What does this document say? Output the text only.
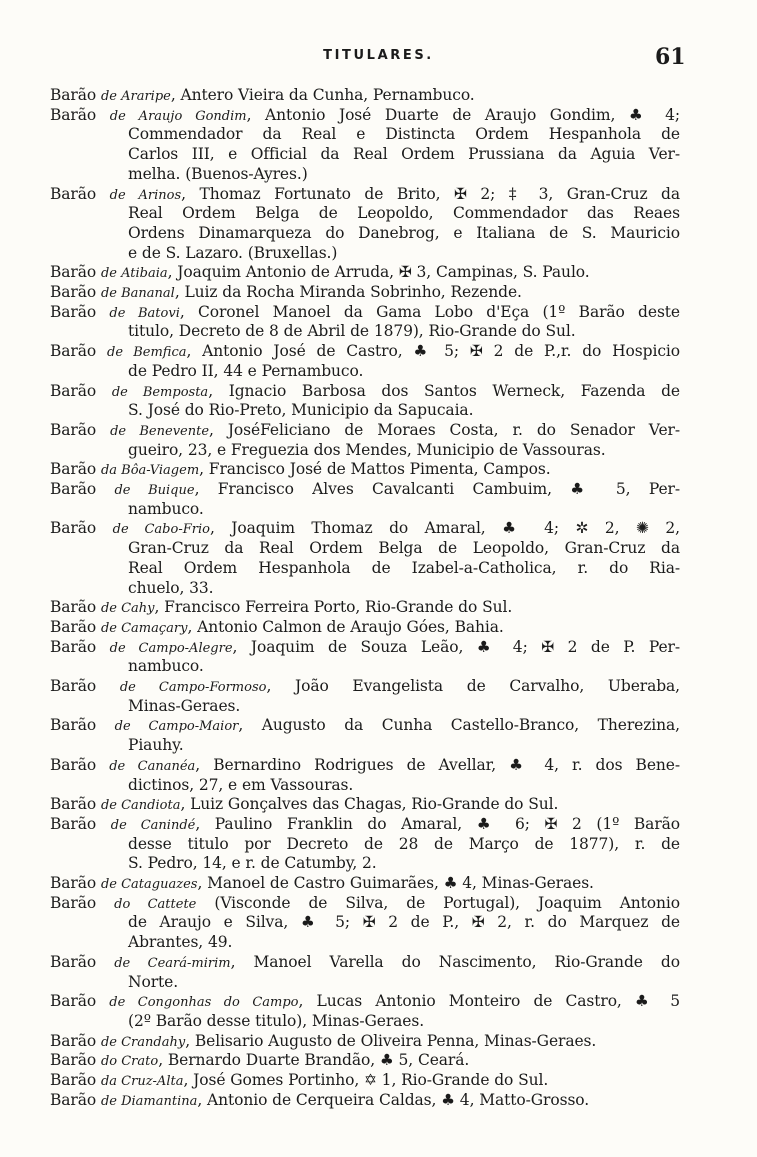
TITULARES.	61
Barão de Araripe, Antero Vieira da Cunha, Pernambuco.
Barão de Araujo Gondim, Antonio José Duarte de Araujo Gondim, ♣ 4;
Commendador da Real e Distincta Ordem Hespanhola de
Carlos III, e Official da Real Ordem Prussiana da Aguia Ver-
melha. (Buenos-Ayres.)
Barão de Arinos, Thomaz Fortunato de Brito, ✠ 2; ‡ 3, Gran-Cruz da
Real Ordem Belga de Leopoldo, Commendador das Reaes
Ordens Dinamarqueza do Danebrog, e Italiana de S. Mauricio
e de S. Lazaro. (Bruxellas.)
Barão de Atibaia, Joaquim Antonio de Arruda, ✠ 3, Campinas, S. Paulo.
Barão de Bananal, Luiz da Rocha Miranda Sobrinho, Rezende.
Barão de Batovi, Coronel Manoel da Gama Lobo d'Eça (1º Barão deste
titulo, Decreto de 8 de Abril de 1879), Rio-Grande do Sul.
Barão de Bemfica, Antonio José de Castro, ♣ 5; ✠ 2 de P.,r. do Hospicio
de Pedro II, 44 e Pernambuco.
Barão de Bemposta, Ignacio Barbosa dos Santos Werneck, Fazenda de
S. José do Rio-Preto, Municipio da Sapucaia.
Barão de Benevente, JoséFeliciano de Moraes Costa, r. do Senador Ver-
gueiro, 23, e Freguezia dos Mendes, Municipio de Vassouras.
Barão da Bôa-Viagem, Francisco José de Mattos Pimenta, Campos.
Barão de Buique, Francisco Alves Cavalcanti Cambuim, ♣ 5, Per-
nambuco.
Barão de Cabo-Frio, Joaquim Thomaz do Amaral, ♣ 4; ✲ 2, ✺ 2,
Gran-Cruz da Real Ordem Belga de Leopoldo, Gran-Cruz da
Real Ordem Hespanhola de Izabel-a-Catholica, r. do Ria-
chuelo, 33.
Barão de Cahy, Francisco Ferreira Porto, Rio-Grande do Sul.
Barão de Camaçary, Antonio Calmon de Araujo Góes, Bahia.
Barão de Campo-Alegre, Joaquim de Souza Leão, ♣ 4; ✠ 2 de P. Per-
nambuco.
Barão de Campo-Formoso, João Evangelista de Carvalho, Uberaba,
Minas-Geraes.
Barão de Campo-Maior, Augusto da Cunha Castello-Branco, Therezina,
Piauhy.
Barão de Cananéa, Bernardino Rodrigues de Avellar, ♣ 4, r. dos Bene-
dictinos, 27, e em Vassouras.
Barão de Candiota, Luiz Gonçalves das Chagas, Rio-Grande do Sul.
Barão de Canindé, Paulino Franklin do Amaral, ♣ 6; ✠ 2 (1º Barão
desse titulo por Decreto de 28 de Março de 1877), r. de
S. Pedro, 14, e r. de Catumby, 2.
Barão de Cataguazes, Manoel de Castro Guimarães, ♣ 4, Minas-Geraes.
Barão do Cattete (Visconde de Silva, de Portugal), Joaquim Antonio
de Araujo e Silva, ♣ 5; ✠ 2 de P., ✠ 2, r. do Marquez de
Abrantes, 49.
Barão de Ceará-mirim, Manoel Varella do Nascimento, Rio-Grande do
Norte.
Barão de Congonhas do Campo, Lucas Antonio Monteiro de Castro, ♣ 5
(2º Barão desse titulo), Minas-Geraes.
Barão de Crandahy, Belisario Augusto de Oliveira Penna, Minas-Geraes.
Barão do Crato, Bernardo Duarte Brandão, ♣ 5, Ceará.
Barão da Cruz-Alta, José Gomes Portinho, ✡ 1, Rio-Grande do Sul.
Barão de Diamantina, Antonio de Cerqueira Caldas, ♣ 4, Matto-Grosso.
